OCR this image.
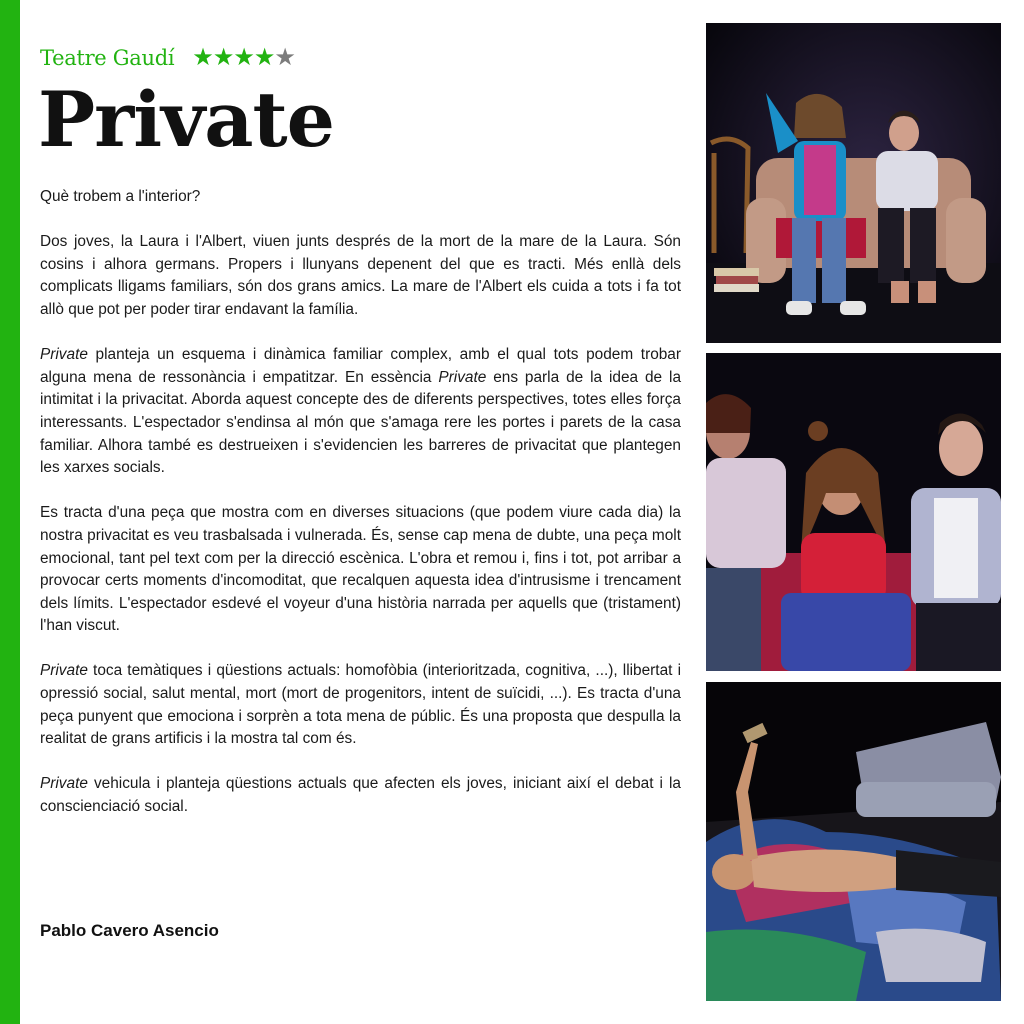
Teatre Gaudí ★★★★★
Private

Què trobem a l'interior?

Dos joves, la Laura i l'Albert, viuen junts després de la mort de la mare de la Laura. Són cosins i alhora germans. Propers i llunyans depenent del que es tracti. Més enllà dels complicats lligams familiars, són dos grans amics. La mare de l'Albert els cuida a tots i fa tot allò que pot per poder tirar endavant la família.

Private planteja un esquema i dinàmica familiar complex, amb el qual tots podem trobar alguna mena de ressonància i empatitzar. En essència Private ens parla de la idea de la intimitat i la privacitat. Aborda aquest concepte des de diferents perspectives, totes elles força interessants. L'espectador s'endinsa al món que s'amaga rere les portes i parets de la casa familiar. Alhora també es destrueixen i s'evidencien les barreres de privacitat que plantegen les xarxes socials.

Es tracta d'una peça que mostra com en diverses situacions (que podem viure cada dia) la nostra privacitat es veu trasbalsada i vulnerada. És, sense cap mena de dubte, una peça molt emocional, tant pel text com per la direcció escènica. L'obra et remou i, fins i tot, pot arribar a provocar certs moments d'incomoditat, que recalquen aquesta idea d'intrusisme i trencament dels límits. L'espectador esdevé el voyeur d'una història narrada per aquells que (tristament) l'han viscut.

Private toca temàtiques i qüestions actuals: homofòbia (interioritzada, cognitiva, ...), llibertat i opressió social, salut mental, mort (mort de progenitors, intent de suïcidi, ...). Es tracta d'una peça punyent que emociona i sorprèn a tota mena de públic. És una proposta que despulla la realitat de grans artificis i la mostra tal com és.

Private vehicula i planteja qüestions actuals que afecten els joves, iniciant així el debat i la conscienciació social.

Pablo Cavero Asencio
